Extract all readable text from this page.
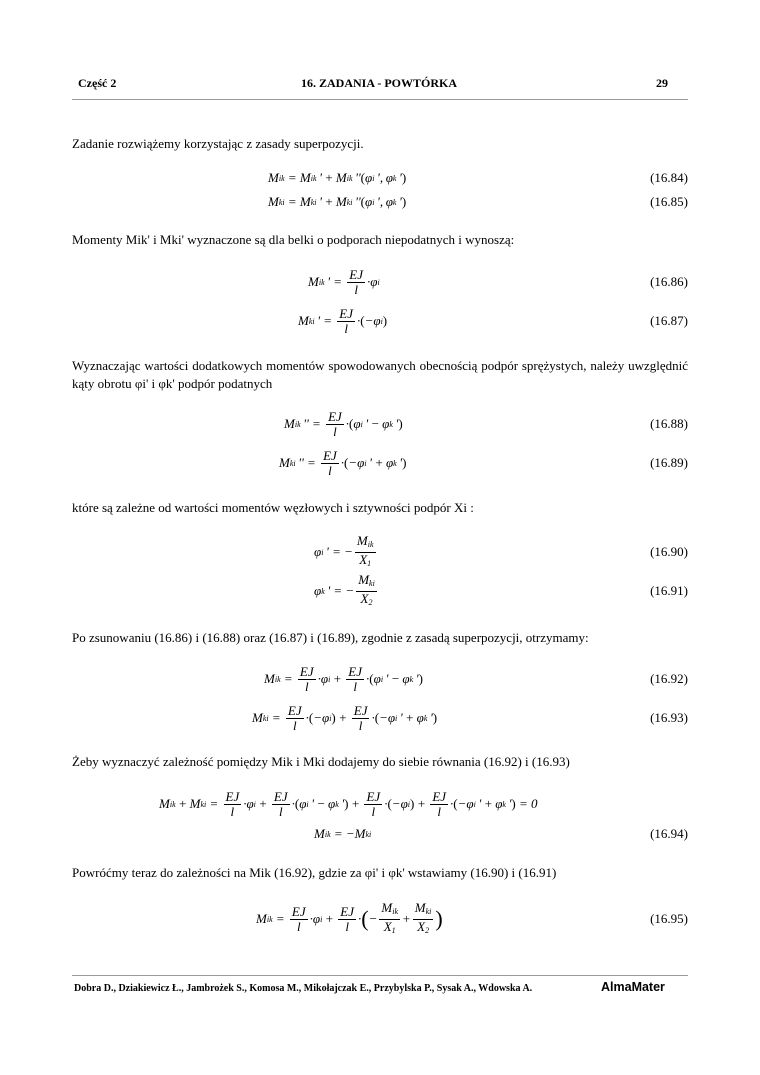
Część 2	16. ZADANIA - POWTÓRKA	29
Zadanie rozwiążemy korzystając z zasady superpozycji.
M ik = M ik  ' + M ik  '' ( φ i  ', φ k  ' )	(16.84)
M ki = M ki  ' + M ki  '' ( φ i  ', φ k  ' )	(16.85)
Momenty Mik' i Mki' wyznaczone są dla belki o podporach niepodatnych i wynoszą:
M ik  ' = $\frac{EJ}{l} \cdot\varphi$ i	(16.86)
M ki  ' = $\frac{EJ}{l}$ · ( −φ i )	(16.87)
Wyznaczając wartości dodatkowych momentów spowodowanych obecnością podpór sprężystych, należy uwzględnić kąty obrotu φi' i φk' podpór podatnych
M ik  '' = $\frac{EJ}{l}$ · ( φ i  ' − φ k  ' )	(16.88)
M ki  '' = $\frac{EJ}{l}$ · ( −φ i  ' + φ k  ' )	(16.89)
które są zależne od wartości momentów węzłowych i sztywności podpór Xi :
φ i  ' = − $\frac{M_{ik}}{X_1}$	(16.90)
φ k  ' = − $\frac{M_{ki}}{X_2}$	(16.91)
Po zsunowaniu (16.86) i (16.88) oraz (16.87) i (16.89), zgodnie z zasadą superpozycji, otrzymamy:
M ik = $\frac{EJ}{l} \cdot\varphi$ $i + \frac{EJ}{l}$ · ( φ i  ' − φ k  ' )	(16.92)
M ki = $\frac{EJ}{l}$ · ( −φ i )  +  $\frac{EJ}{l}$ · ( −φ i  ' + φ k  ' )	(16.93)
Żeby wyznaczyć zależność pomiędzy Mik i Mki dodajemy do siebie równania (16.92) i (16.93)
M ik  + M ki = $\frac{EJ}{l} \cdot\varphi$ $i + \frac{EJ}{l}$ · ( φ i  ' − φ k  ' )  +  $\frac{EJ}{l}$ · ( −φ i )  +  $\frac{EJ}{l}$ · ( −φ i  ' + φ k  ' ) = 0
M ik = −M ki	(16.94)
Powróćmy teraz do zależności na Mik (16.92), gdzie za φi' i φk' wstawiamy (16.90) i (16.91)
M ik = $\frac{EJ}{l} \cdot\varphi$ $i + \frac{EJ}{l}$ · ( − $\frac{M_{ik}}{X_1} + \frac{M_{ki}}{X_2}$ )	(16.95)
Dobra D., Dziakiewicz Ł., Jambrożek S., Komosa M., Mikołajczak E., Przybylska P., Sysak A., Wdowska A.	AlmaMater
